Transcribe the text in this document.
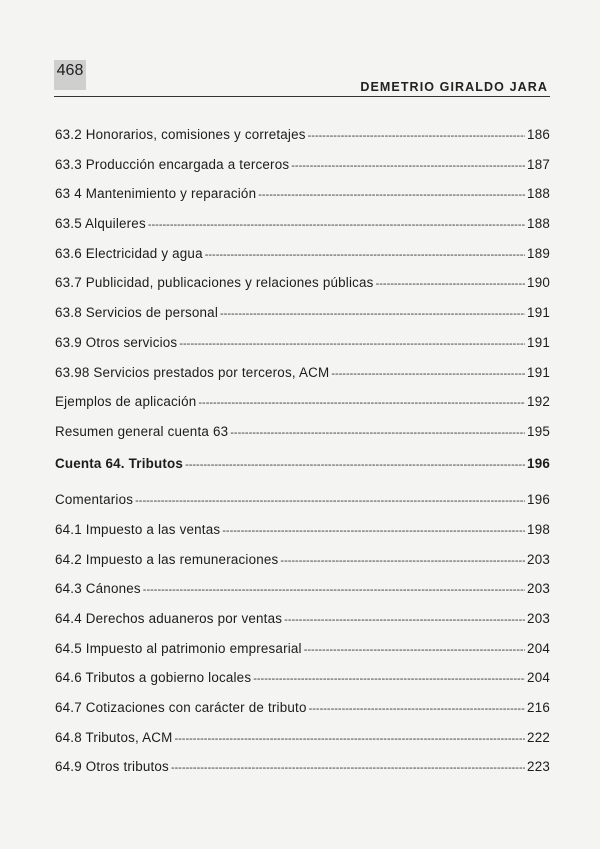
468
DEMETRIO GIRALDO JARA
63.2 Honorarios, comisiones y corretajes -----	186
63.3 Producción encargada a terceros -----	187
63 4 Mantenimiento y reparación -----	188
63.5 Alquileres -----	188
63.6 Electricidad y agua -----	189
63.7 Publicidad, publicaciones y relaciones públicas -----	190
63.8 Servicios de personal -----	191
63.9 Otros servicios -----	191
63.98 Servicios prestados por terceros, ACM -----	191
Ejemplos de aplicación -----	192
Resumen general cuenta 63 -----	195
Cuenta 64. Tributos -----	196
Comentarios -----	196
64.1 Impuesto a las ventas -----	198
64.2 Impuesto a las remuneraciones -----	203
64.3 Cánones -----	203
64.4 Derechos aduaneros por ventas -----	203
64.5 Impuesto al patrimonio empresarial -----	204
64.6 Tributos a gobierno locales -----	204
64.7 Cotizaciones con carácter de tributo -----	216
64.8 Tributos, ACM -----	222
64.9 Otros tributos -----	223
